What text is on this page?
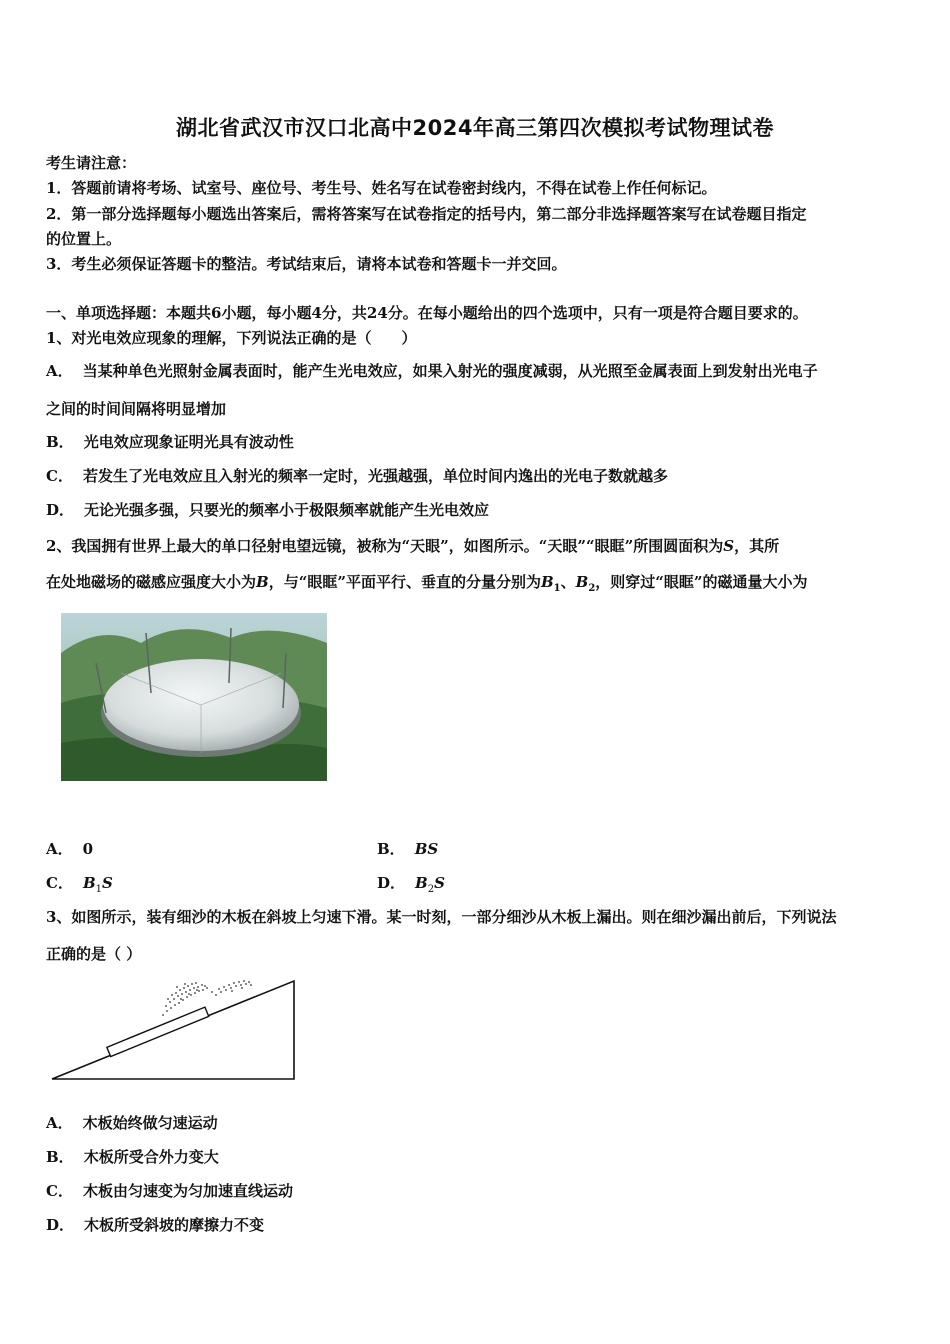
湖北省武汉市汉口北高中2024年高三第四次模拟考试物理试卷
考生请注意：
1．答题前请将考场、试室号、座位号、考生号、姓名写在试卷密封线内，不得在试卷上作任何标记。
2．第一部分选择题每小题选出答案后，需将答案写在试卷指定的括号内，第二部分非选择题答案写在试卷题目指定
的位置上。
3．考生必须保证答题卡的整洁。考试结束后，请将本试卷和答题卡一并交回。
一、单项选择题：本题共6小题，每小题4分，共24分。在每小题给出的四个选项中，只有一项是符合题目要求的。
1、对光电效应现象的理解，下列说法正确的是（　　）
A． 当某种单色光照射金属表面时，能产生光电效应，如果入射光的强度减弱，从光照至金属表面上到发射出光电子
之间的时间间隔将明显增加
B． 光电效应现象证明光具有波动性
C． 若发生了光电效应且入射光的频率一定时，光强越强，单位时间内逸出的光电子数就越多
D． 无论光强多强，只要光的频率小于极限频率就能产生光电效应
2、我国拥有世界上最大的单口径射电望远镜，被称为“天眼”，如图所示。“天眼”“眼眶”所围圆面积为S，其所
在处地磁场的磁感应强度大小为B，与“眼眶”平面平行、垂直的分量分别为$B_1$、$B_2$，则穿过“眼眶”的磁通量大小为
A． 0	B． BS
C． $B_1S$	D． $B_2S$
3、如图所示，装有细沙的木板在斜坡上匀速下滑。某一时刻，一部分细沙从木板上漏出。则在细沙漏出前后，下列说法
正确的是（ ）
A． 木板始终做匀速运动
B． 木板所受合外力变大
C． 木板由匀速变为匀加速直线运动
D． 木板所受斜坡的摩擦力不变
